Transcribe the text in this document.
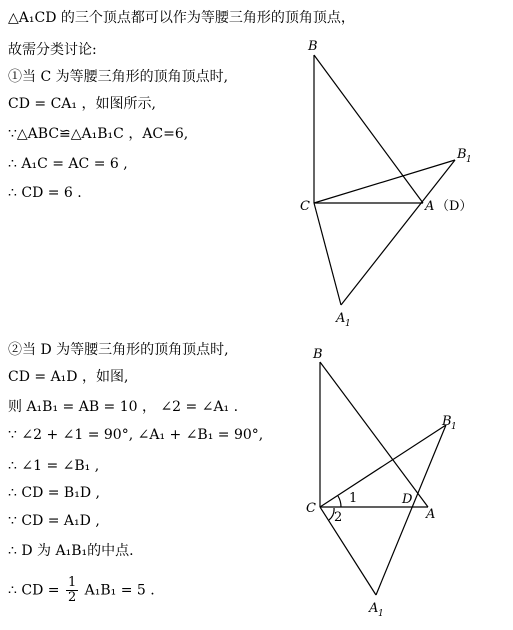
△A₁CD 的三个顶点都可以作为等腰三角形的顶角顶点，
故需分类讨论:
①当 C 为等腰三角形的顶角顶点时,
CD = CA₁ ，如图所示,
∵△ABC≌△A₁B₁C ，AC=6,
∴ A₁C = AC = 6 ,
∴ CD = 6 .
②当 D 为等腰三角形的顶角顶点时,
CD = A₁D ，如图,
则 A₁B₁ = AB = 10 ， ∠2 = ∠A₁ .
∵ ∠2 + ∠1 = 90°, ∠A₁ + ∠B₁ = 90°,
∴ ∠1 = ∠B₁ ,
∴ CD = B₁D ,
∵ CD = A₁D ,
∴ D 为 A₁B₁的中点.
∴ CD = $\frac{1}{2} A_1B_1 = 5$ .
B
B 1
C	A （D）
A 1
B
B 1
C
D
A
A 1
1
2
